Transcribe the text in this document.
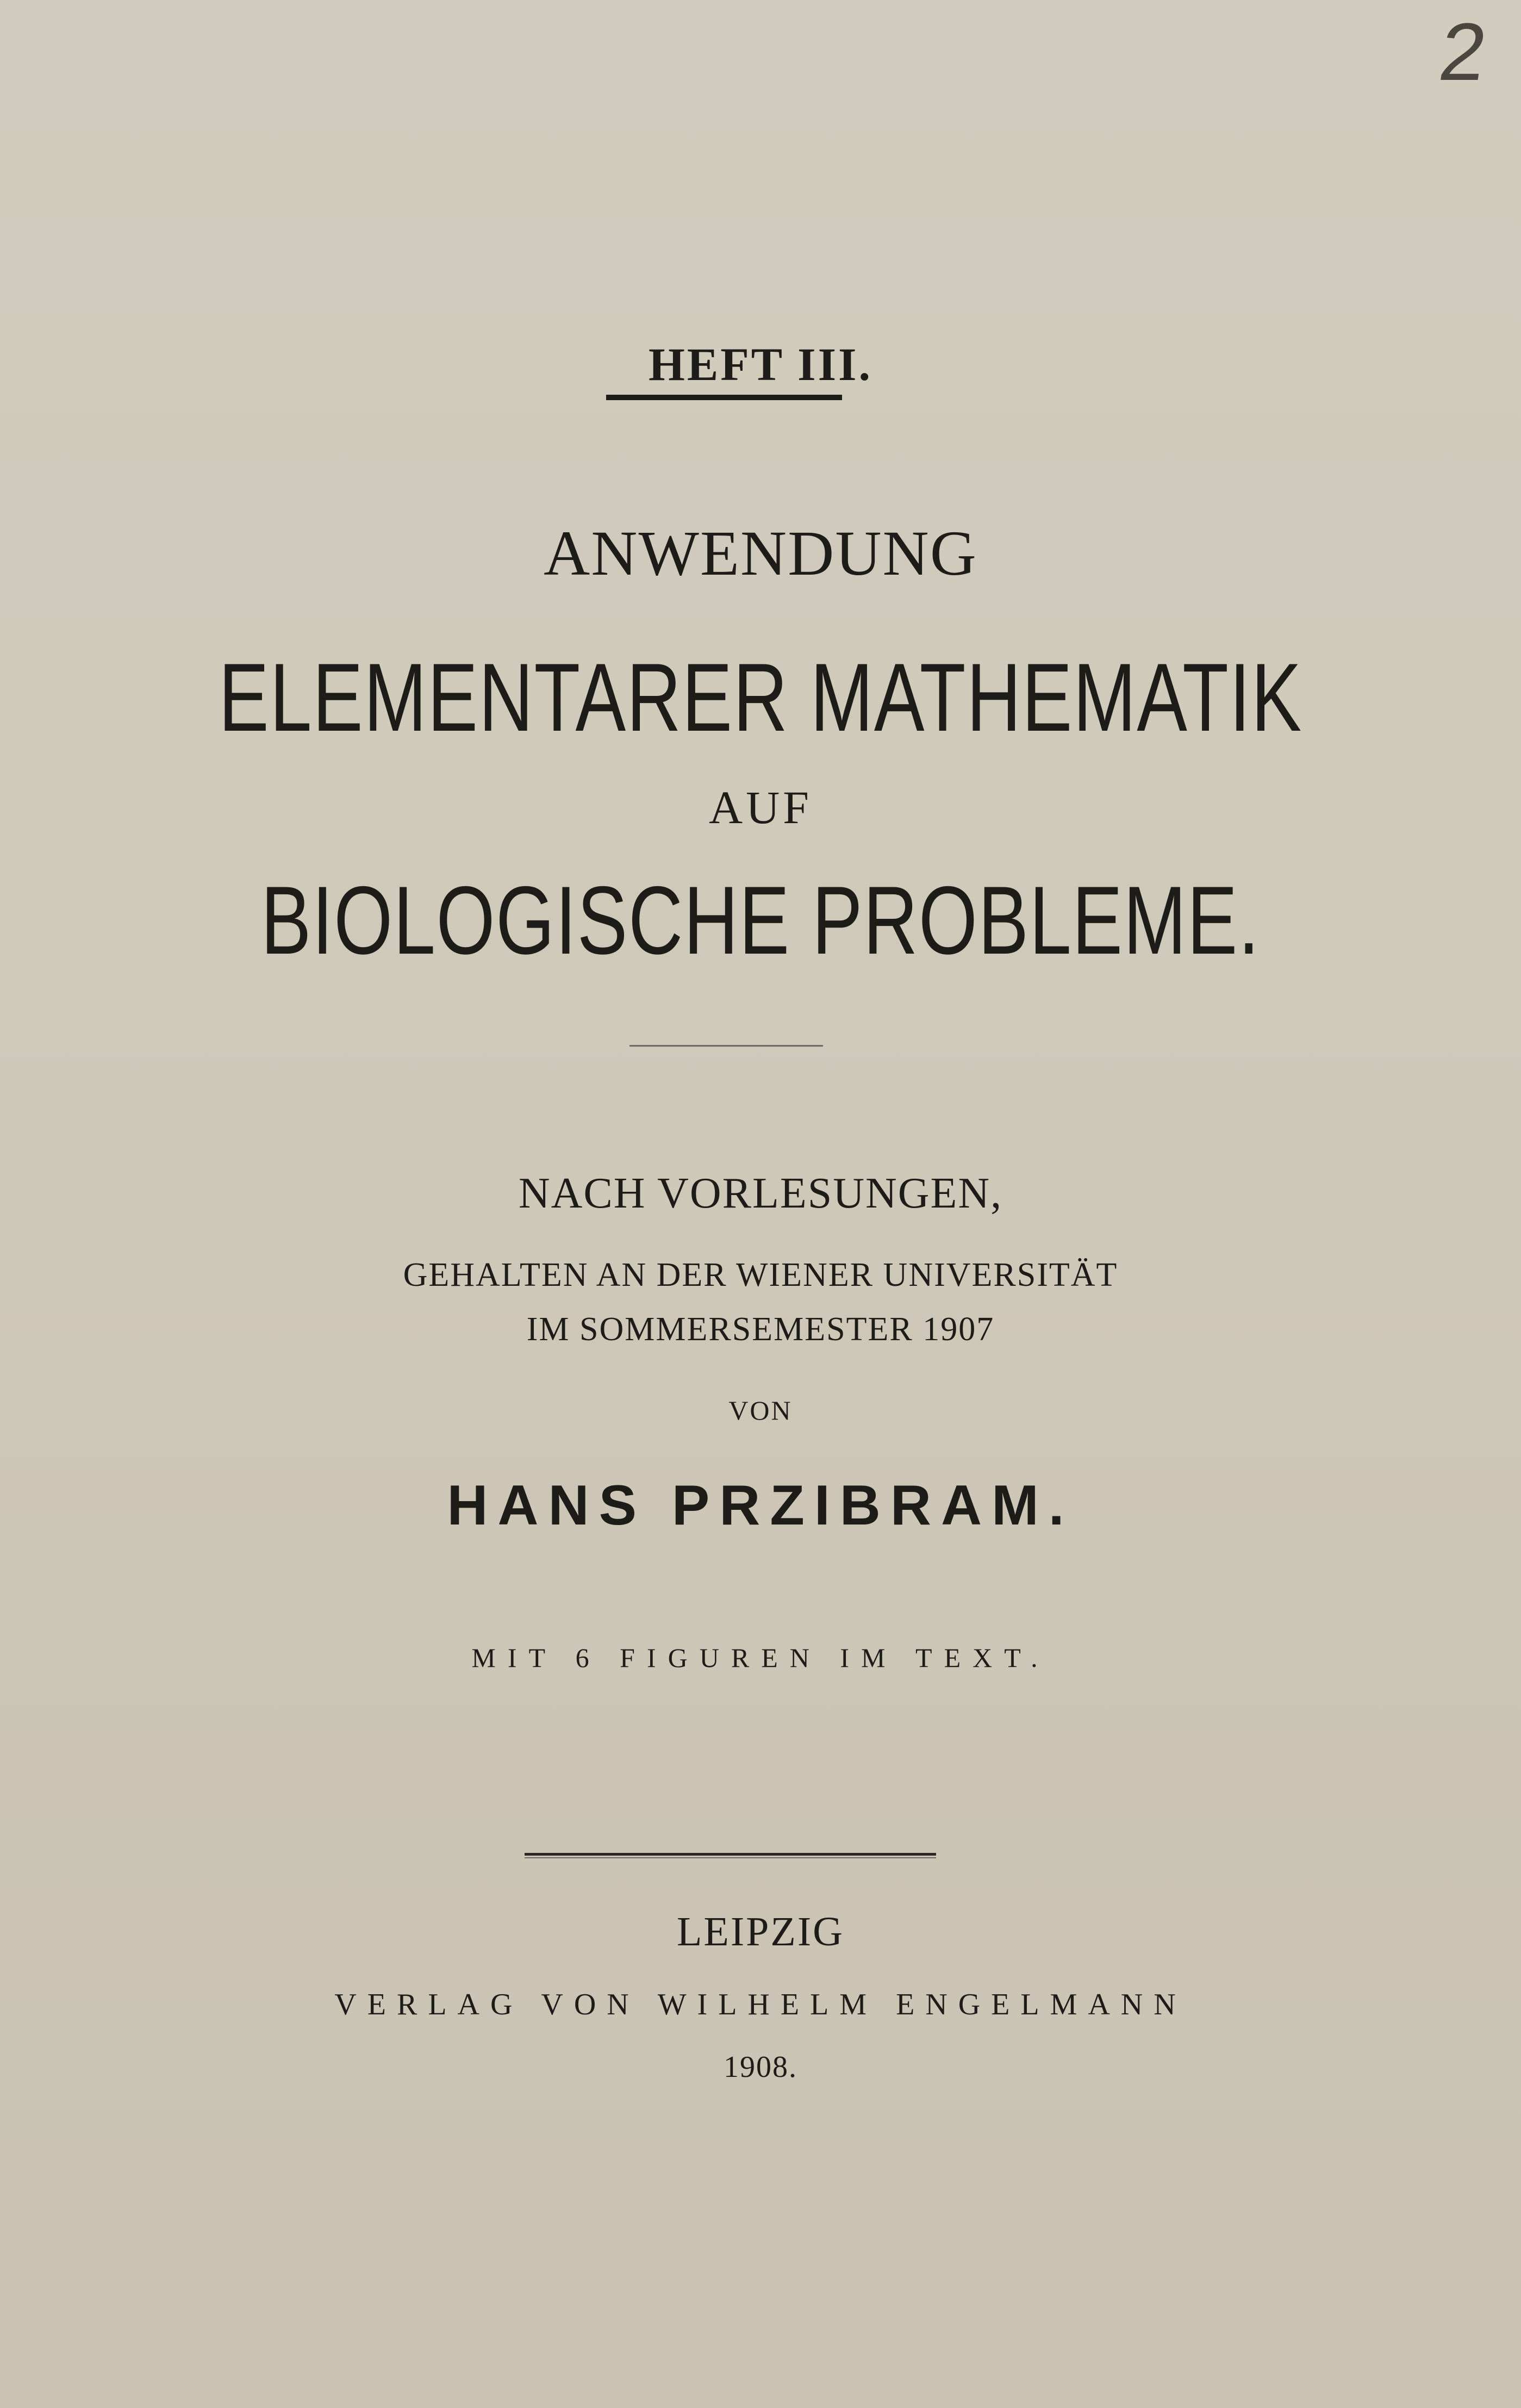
2
HEFT III.
ANWENDUNG
ELEMENTARER MATHEMATIK
AUF
BIOLOGISCHE PROBLEME.
NACH VORLESUNGEN,
GEHALTEN AN DER WIENER UNIVERSITÄT
IM SOMMERSEMESTER 1907
VON
HANS PRZIBRAM.
MIT 6 FIGUREN IM TEXT.
LEIPZIG
VERLAG VON WILHELM ENGELMANN
1908.
